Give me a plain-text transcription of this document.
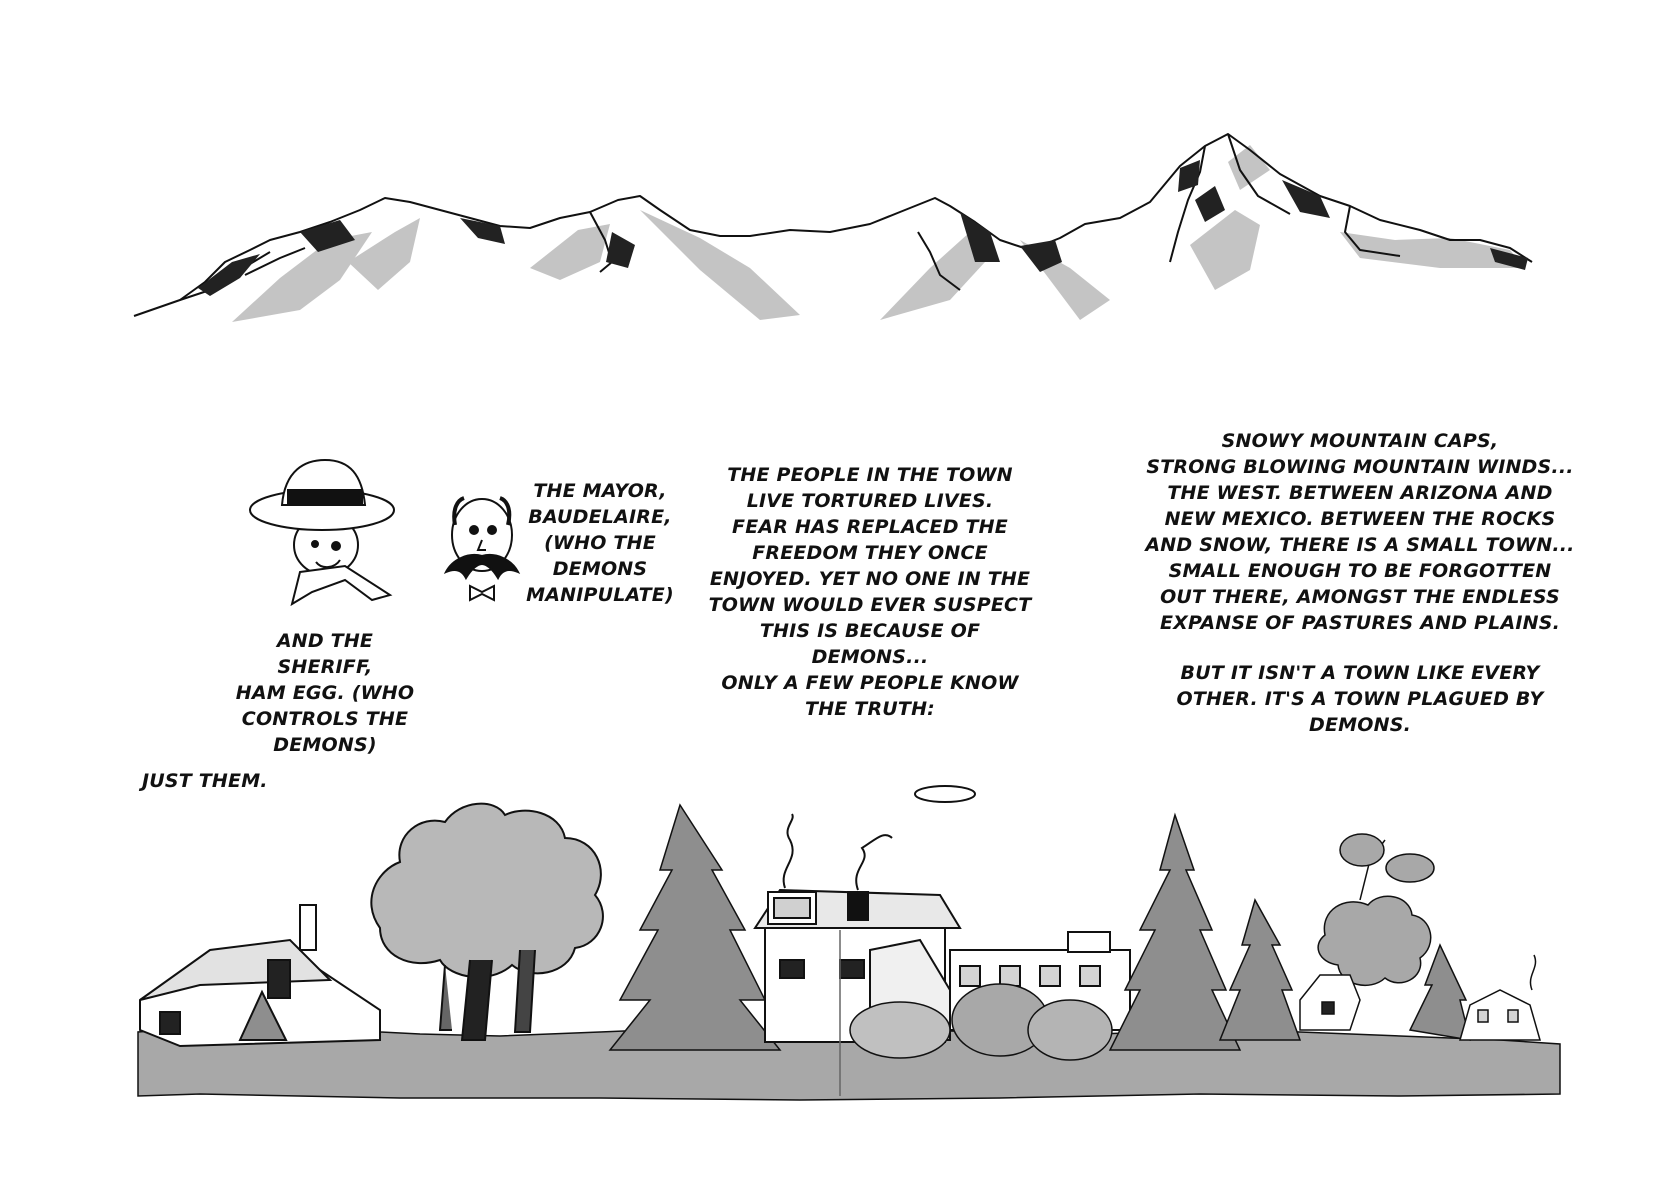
SNOWY MOUNTAIN CAPS,
STRONG BLOWING MOUNTAIN WINDS...
THE WEST. BETWEEN ARIZONA AND
NEW MEXICO. BETWEEN THE ROCKS
AND SNOW, THERE IS A SMALL TOWN...
SMALL ENOUGH TO BE FORGOTTEN
OUT THERE, AMONGST THE ENDLESS
EXPANSE OF PASTURES AND PLAINS.
BUT IT ISN'T A TOWN LIKE EVERY
OTHER. IT'S A TOWN PLAGUED BY
DEMONS.
THE PEOPLE IN THE TOWN
LIVE TORTURED LIVES.
FEAR HAS REPLACED THE
FREEDOM THEY ONCE
ENJOYED. YET NO ONE IN THE
TOWN WOULD EVER SUSPECT
THIS IS BECAUSE OF DEMONS...
ONLY A FEW PEOPLE KNOW
THE TRUTH:
THE MAYOR,
BAUDELAIRE,
(WHO THE
DEMONS
MANIPULATE)
AND THE
SHERIFF,
HAM EGG. (WHO
CONTROLS THE
DEMONS)
JUST THEM.
